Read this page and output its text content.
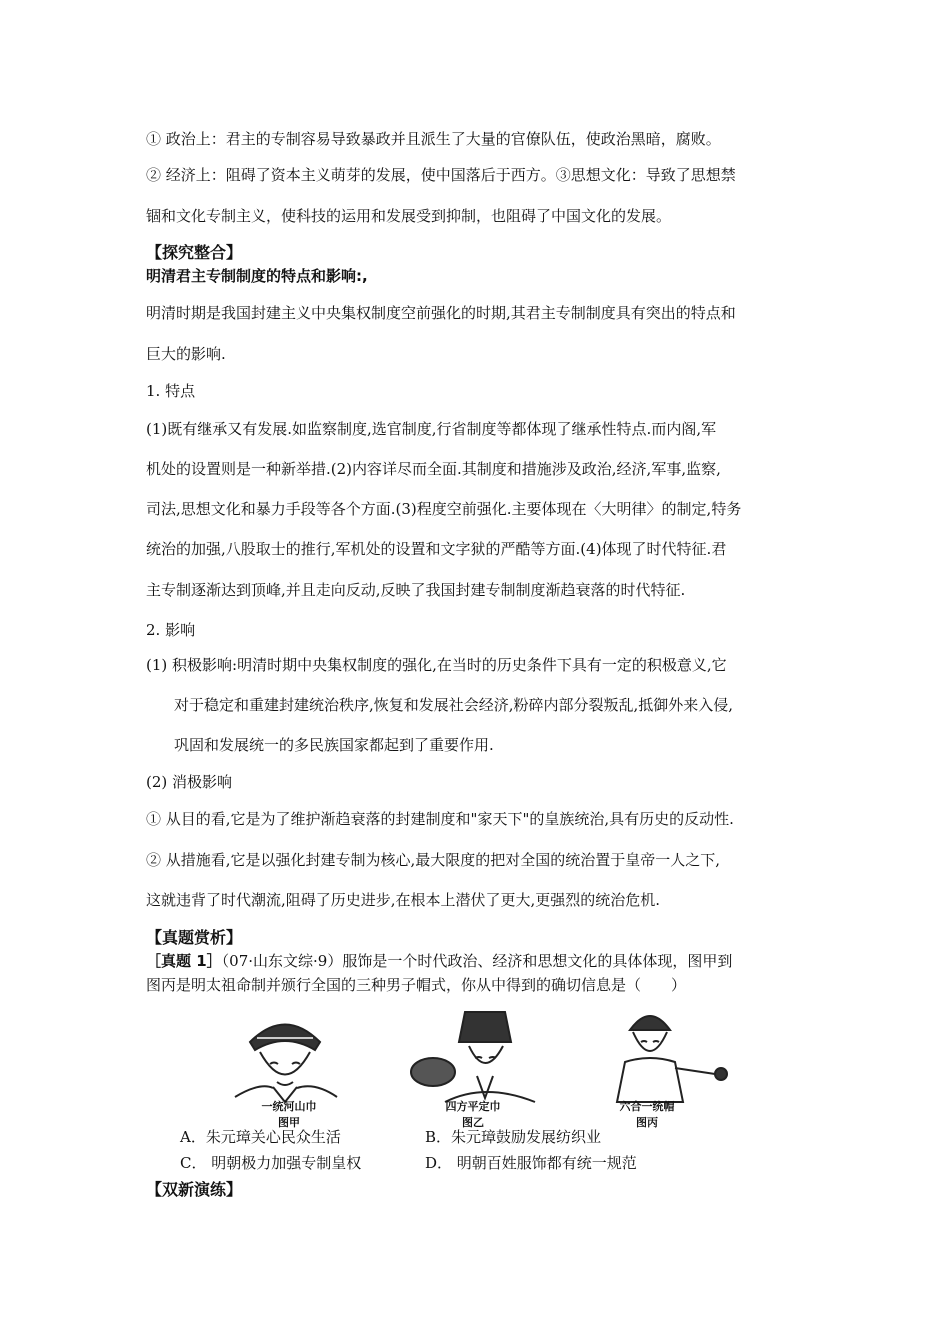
① 政治上：君主的专制容易导致暴政并且派生了大量的官僚队伍，使政治黑暗，腐败。
② 经济上：阻碍了资本主义萌芽的发展，使中国落后于西方。③思想文化：导致了思想禁
锢和文化专制主义，使科技的运用和发展受到抑制，也阻碍了中国文化的发展。
【探究整合】
明清君主专制制度的特点和影响:,
明清时期是我国封建主义中央集权制度空前强化的时期,其君主专制制度具有突出的特点和
巨大的影响.
1. 特点
(1)既有继承又有发展.如监察制度,选官制度,行省制度等都体现了继承性特点.而内阁,军
机处的设置则是一种新举措.(2)内容详尽而全面.其制度和措施涉及政治,经济,军事,监察,
司法,思想文化和暴力手段等各个方面.(3)程度空前强化.主要体现在〈大明律〉的制定,特务
统治的加强,八股取士的推行,军机处的设置和文字狱的严酷等方面.(4)体现了时代特征.君
主专制逐渐达到顶峰,并且走向反动,反映了我国封建专制制度渐趋衰落的时代特征.
2. 影响
(1) 积极影响:明清时期中央集权制度的强化,在当时的历史条件下具有一定的积极意义,它
对于稳定和重建封建统治秩序,恢复和发展社会经济,粉碎内部分裂叛乱,抵御外来入侵,
巩固和发展统一的多民族国家都起到了重要作用.
(2) 消极影响
① 从目的看,它是为了维护渐趋衰落的封建制度和"家天下"的皇族统治,具有历史的反动性.
② 从措施看,它是以强化封建专制为核心,最大限度的把对全国的统治置于皇帝一人之下,
这就违背了时代潮流,阻碍了历史进步,在根本上潜伏了更大,更强烈的统治危机.
【真题赏析】
［真题 1］（07·山东文综·9）服饰是一个时代政治、经济和思想文化的具体体现，图甲到
图丙是明太祖命制并颁行全国的三种男子帽式，你从中得到的确切信息是（　　）
一统河山巾
图甲
四方平定巾
图乙
六合一统帽
图丙
A．朱元璋关心民众生活	B．朱元璋鼓励发展纺织业
C． 明朝极力加强专制皇权	D． 明朝百姓服饰都有统一规范
【双新演练】
